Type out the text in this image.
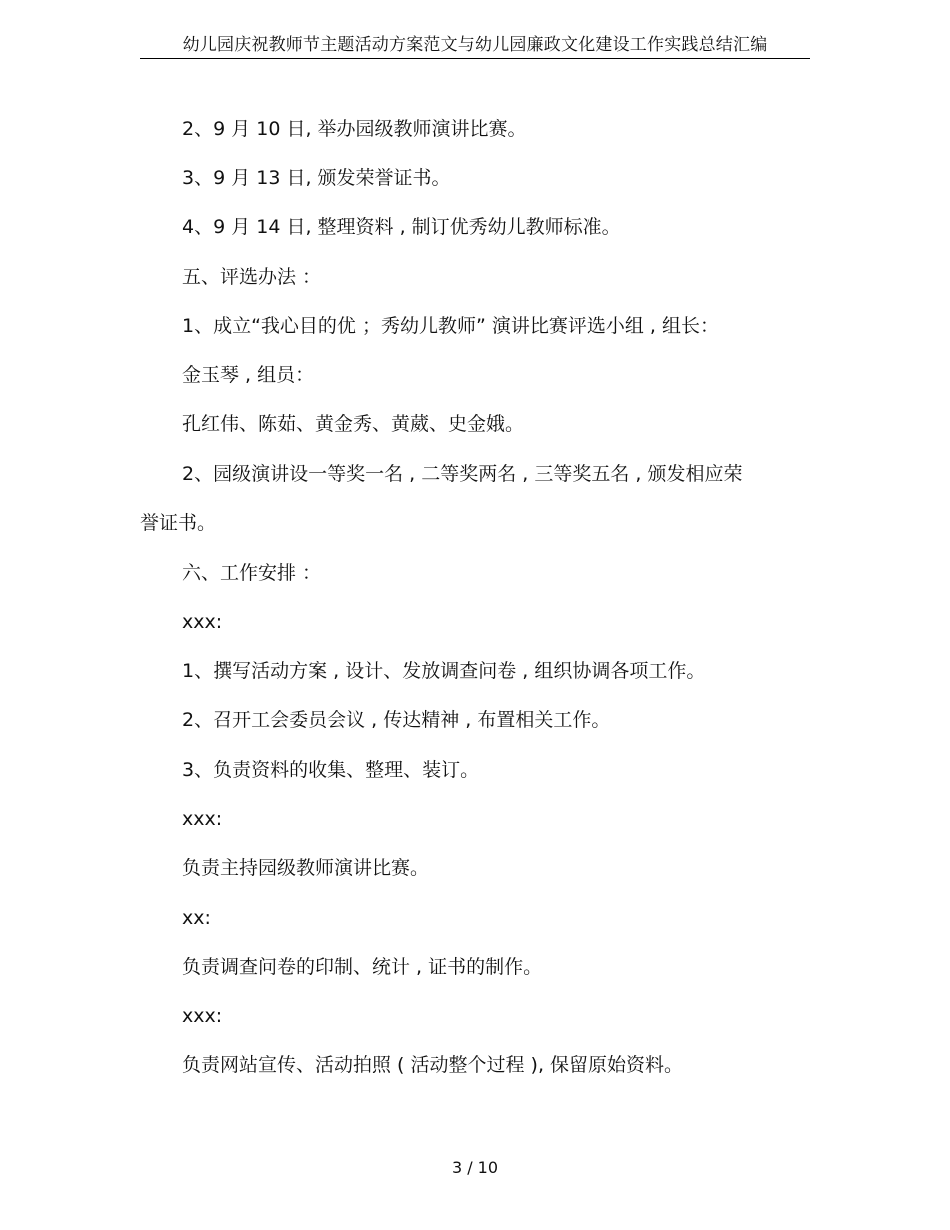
幼儿园庆祝教师节主题活动方案范文与幼儿园廉政文化建设工作实践总结汇编
2、9 月 10 日, 举办园级教师演讲比赛。
3、9 月 13 日, 颁发荣誉证书。
4、9 月 14 日, 整理资料 , 制订优秀幼儿教师标准。
五、评选办法 ：
1、成立“我心目的优 ；秀幼儿教师” 演讲比赛评选小组 , 组长：
金玉琴 , 组员：
孔红伟、陈茹、黄金秀、黄葳、史金娥。
2、园级演讲设一等奖一名 , 二等奖两名 , 三等奖五名 , 颁发相应荣
誉证书。
六、工作安排 ：
xxx:
1、撰写活动方案 , 设计、发放调查问卷 , 组织协调各项工作。
2、召开工会委员会议 , 传达精神 , 布置相关工作。
3、负责资料的收集、整理、装订。
xxx:
负责主持园级教师演讲比赛。
xx:
负责调查问卷的印制、统计 , 证书的制作。
xxx:
负责网站宣传、活动拍照 ( 活动整个过程 ), 保留原始资料。
3 / 10
